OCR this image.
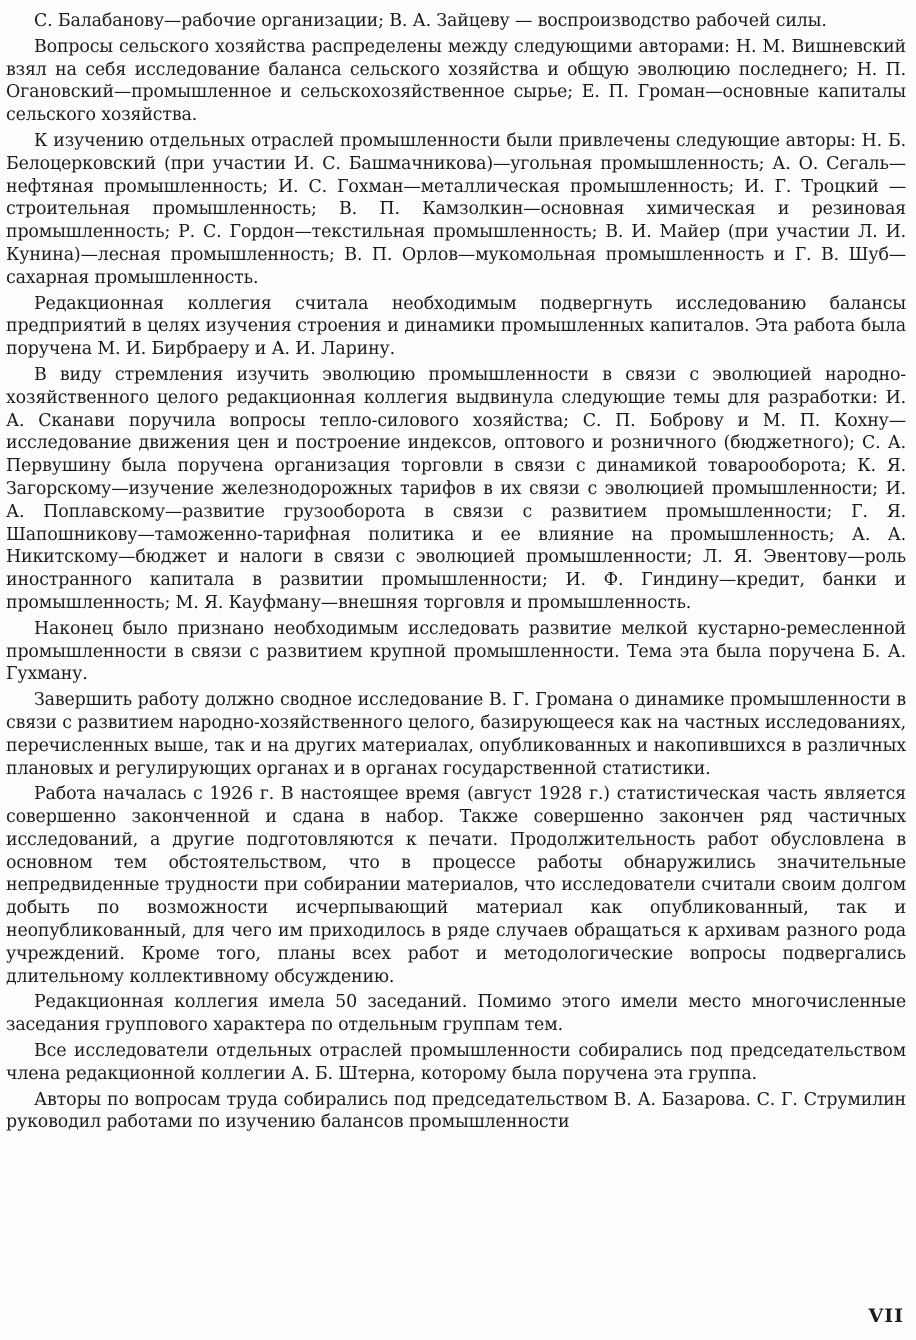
С. Балабанову—рабочие организации; В. А. Зайцеву — воспроизводство рабочей силы.

Вопросы сельского хозяйства распределены между следующими авторами: Н. М. Вишневский взял на себя исследование баланса сельского хозяйства и общую эволюцию последнего; Н. П. Огановский—промышленное и сельскохозяйственное сырье; Е. П. Громан—основные капиталы сельского хозяйства.

К изучению отдельных отраслей промышленности были привлечены следующие авторы: Н. Б. Белоцерковский (при участии И. С. Башмачникова)—угольная промышленность; А. О. Сегаль—нефтяная промышленность; И. С. Гохман—металлическая промышленность; И. Г. Троцкий — строительная промышленность; В. П. Камзолкин—основная химическая и резиновая промышленность; Р. С. Гордон—текстильная промышленность; В. И. Майер (при участии Л. И. Кунина)—лесная промышленность; В. П. Орлов—мукомольная промышленность и Г. В. Шуб—сахарная промышленность.

Редакционная коллегия считала необходимым подвергнуть исследованию балансы предприятий в целях изучения строения и динамики промышленных капиталов. Эта работа была поручена М. И. Бирбраеру и А. И. Ларину.

В виду стремления изучить эволюцию промышленности в связи с эволюцией народно-хозяйственного целого редакционная коллегия выдвинула следующие темы для разработки: И. А. Сканави поручила вопросы тепло-силового хозяйства; С. П. Боброву и М. П. Кохну—исследование движения цен и построение индексов, оптового и розничного (бюджетного); С. А. Первушину была поручена организация торговли в связи с динамикой товарооборота; К. Я. Загорскому—изучение железнодорожных тарифов в их связи с эволюцией промышленности; И. А. Поплавскому—развитие грузооборота в связи с развитием промышленности; Г. Я. Шапошникову—таможенно-тарифная политика и ее влияние на промышленность; А. А. Никитскому—бюджет и налоги в связи с эволюцией промышленности; Л. Я. Эвентову—роль иностранного капитала в развитии промышленности; И. Ф. Гиндину—кредит, банки и промышленность; М. Я. Кауфману—внешняя торговля и промышленность.

Наконец было признано необходимым исследовать развитие мелкой кустарно-ремесленной промышленности в связи с развитием крупной промышленности. Тема эта была поручена Б. А. Гухману.

Завершить работу должно сводное исследование В. Г. Громана о динамике промышленности в связи с развитием народно-хозяйственного целого, базирующееся как на частных исследованиях, перечисленных выше, так и на других материалах, опубликованных и накопившихся в различных плановых и регулирующих органах и в органах государственной статистики.

Работа началась с 1926 г. В настоящее время (август 1928 г.) статистическая часть является совершенно законченной и сдана в набор. Также совершенно закончен ряд частичных исследований, а другие подготовляются к печати. Продолжительность работ обусловлена в основном тем обстоятельством, что в процессе работы обнаружились значительные непредвиденные трудности при собирании материалов, что исследователи считали своим долгом добыть по возможности исчерпывающий материал как опубликованный, так и неопубликованный, для чего им приходилось в ряде случаев обращаться к архивам разного рода учреждений. Кроме того, планы всех работ и методологические вопросы подвергались длительному коллективному обсуждению.

Редакционная коллегия имела 50 заседаний. Помимо этого имели место многочисленные заседания группового характера по отдельным группам тем.

Все исследователи отдельных отраслей промышленности собирались под председательством члена редакционной коллегии А. Б. Штерна, которому была поручена эта группа.

Авторы по вопросам труда собирались под председательством В. А. Базарова. С. Г. Струмилин руководил работами по изучению балансов промышленности

VII
